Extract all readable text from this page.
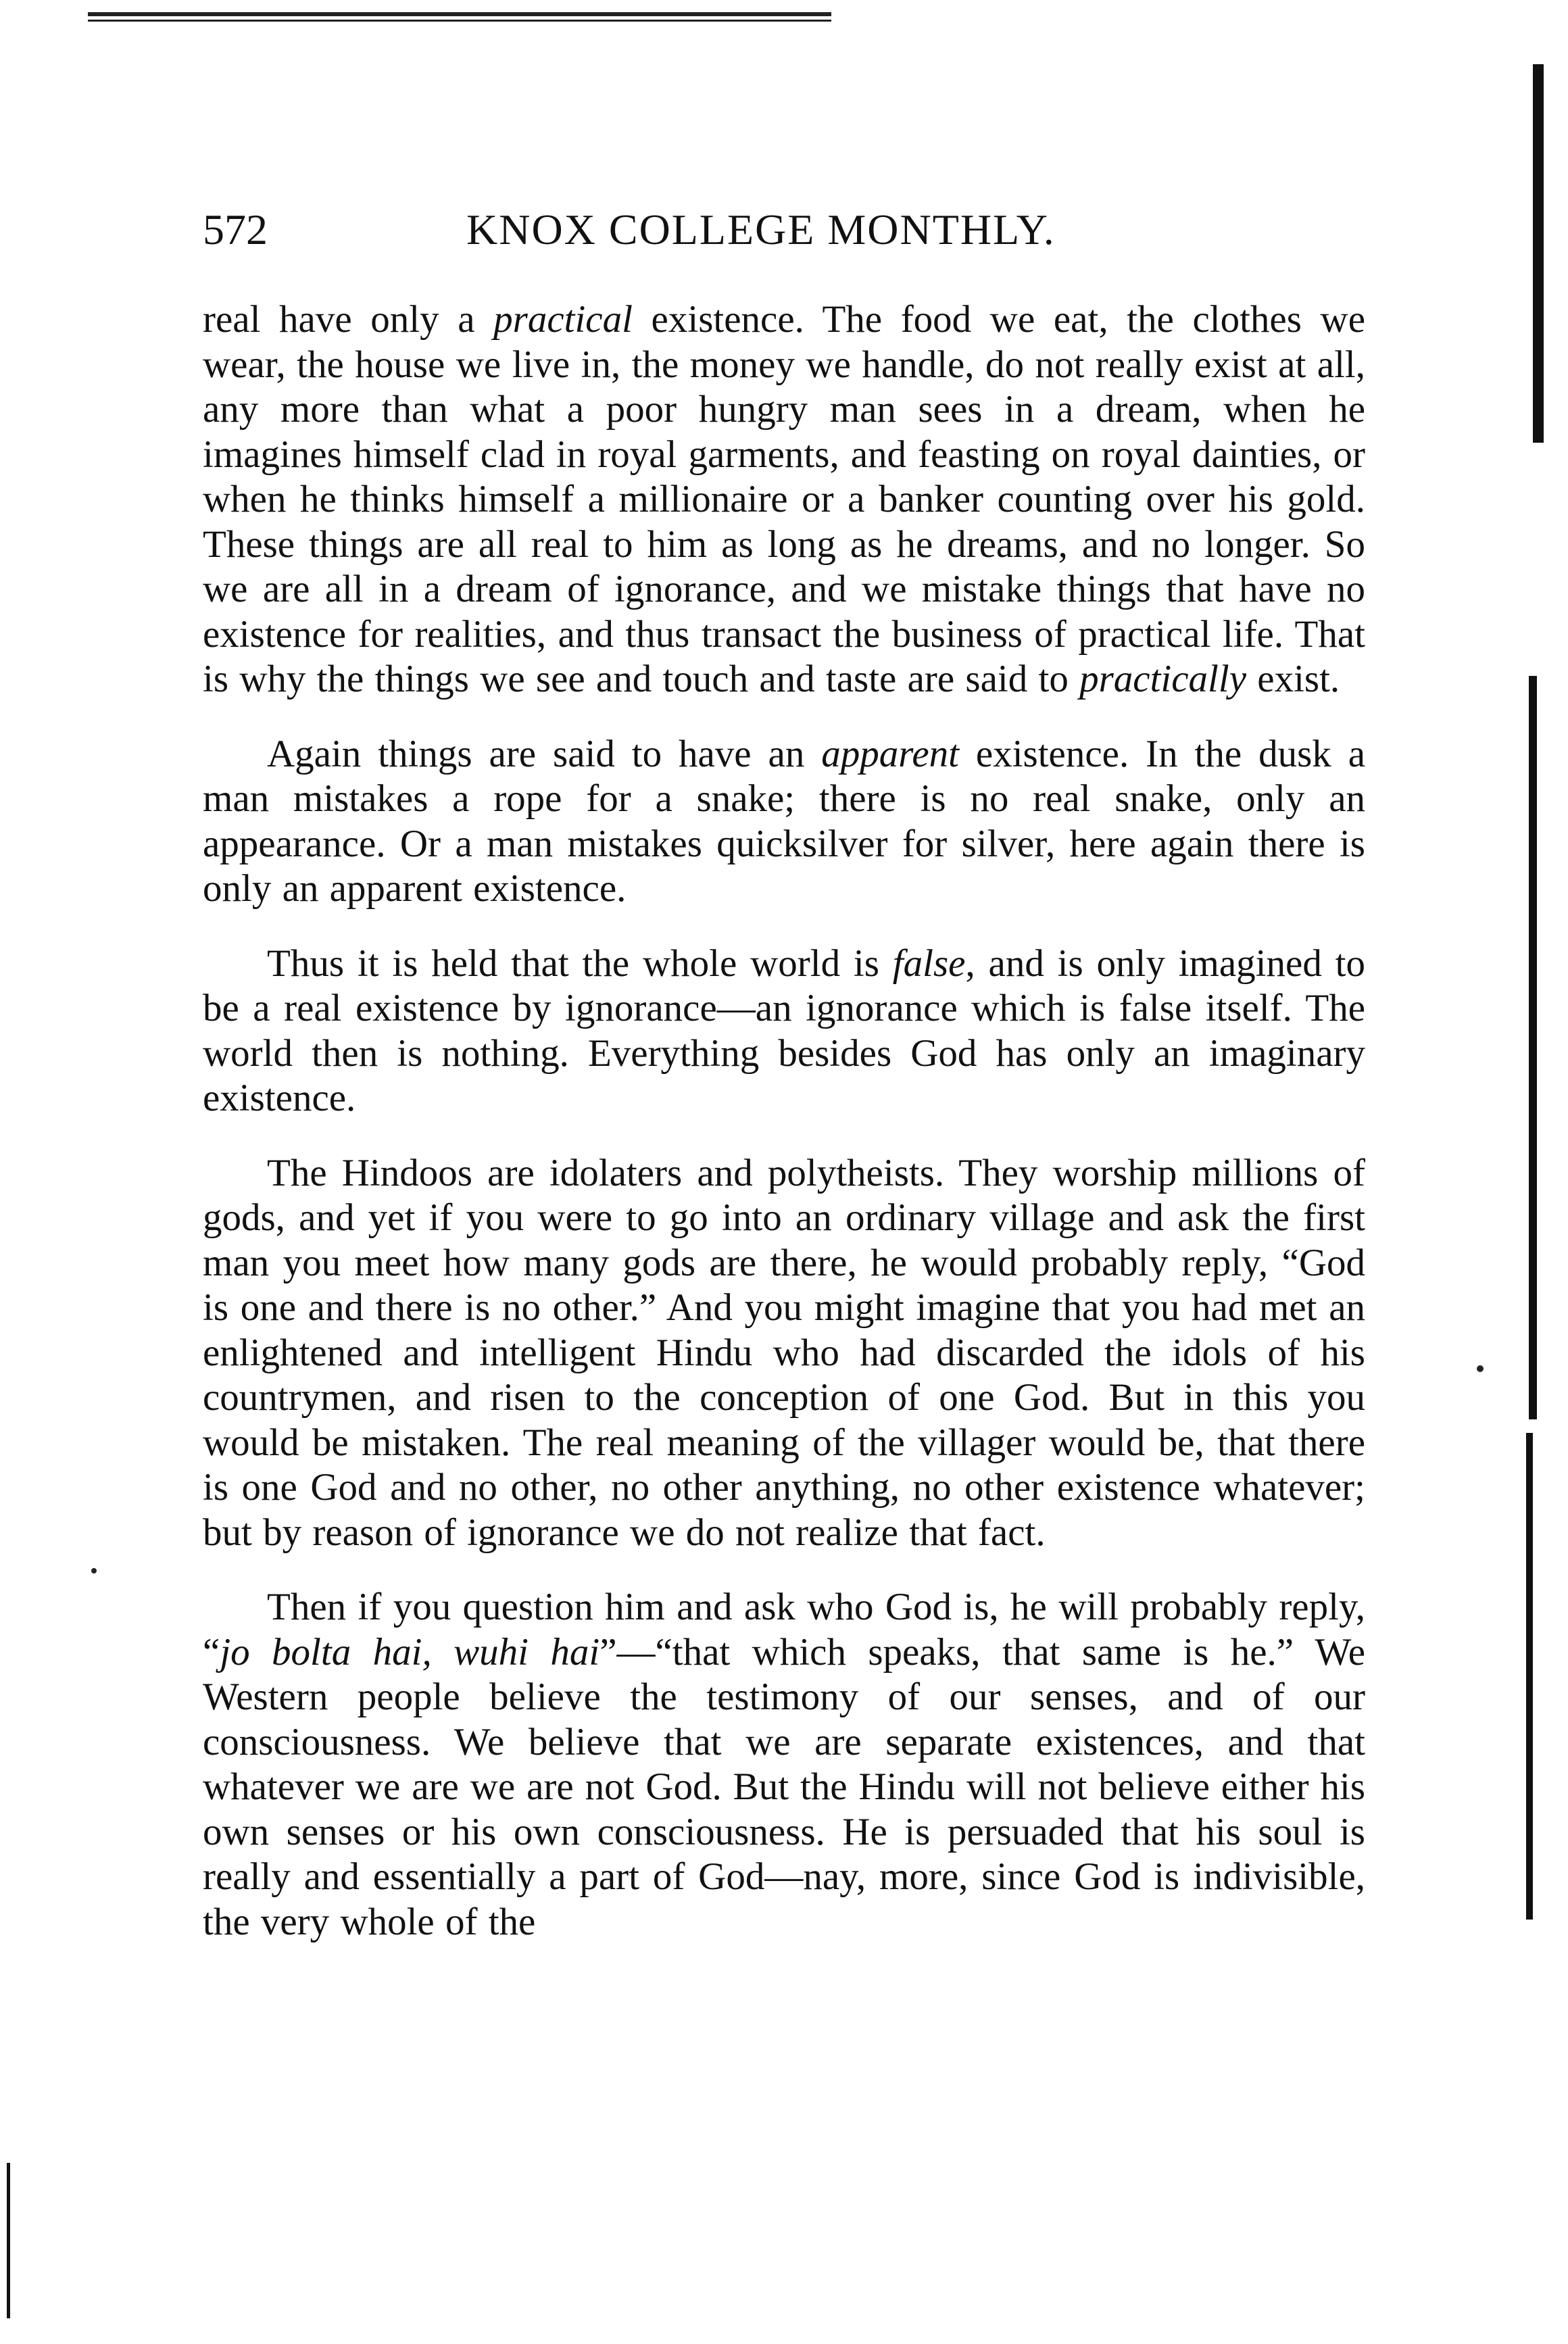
572	KNOX COLLEGE MONTHLY.

real have only a practical existence. The food we eat, the clothes we wear, the house we live in, the money we handle, do not really exist at all, any more than what a poor hungry man sees in a dream, when he imagines himself clad in royal garments, and feasting on royal dainties, or when he thinks himself a millionaire or a banker counting over his gold. These things are all real to him as long as he dreams, and no longer. So we are all in a dream of ignorance, and we mistake things that have no existence for realities, and thus transact the business of practical life. That is why the things we see and touch and taste are said to practically exist.

Again things are said to have an apparent existence. In the dusk a man mistakes a rope for a snake; there is no real snake, only an appearance. Or a man mistakes quicksilver for silver, here again there is only an apparent existence.

Thus it is held that the whole world is false, and is only imagined to be a real existence by ignorance—an ignorance which is false itself. The world then is nothing. Everything besides God has only an imaginary existence.

The Hindoos are idolaters and polytheists. They worship millions of gods, and yet if you were to go into an ordinary village and ask the first man you meet how many gods are there, he would probably reply, “God is one and there is no other.” And you might imagine that you had met an enlightened and intelligent Hindu who had discarded the idols of his countrymen, and risen to the conception of one God. But in this you would be mistaken. The real meaning of the villager would be, that there is one God and no other, no other anything, no other existence whatever; but by reason of ignorance we do not realize that fact.

Then if you question him and ask who God is, he will probably reply, “jo bolta hai, wuhi hai”—“that which speaks, that same is he.” We Western people believe the testimony of our senses, and of our consciousness. We believe that we are separate existences, and that whatever we are we are not God. But the Hindu will not believe either his own senses or his own consciousness. He is persuaded that his soul is really and essentially a part of God—nay, more, since God is indivisible, the very whole of the
